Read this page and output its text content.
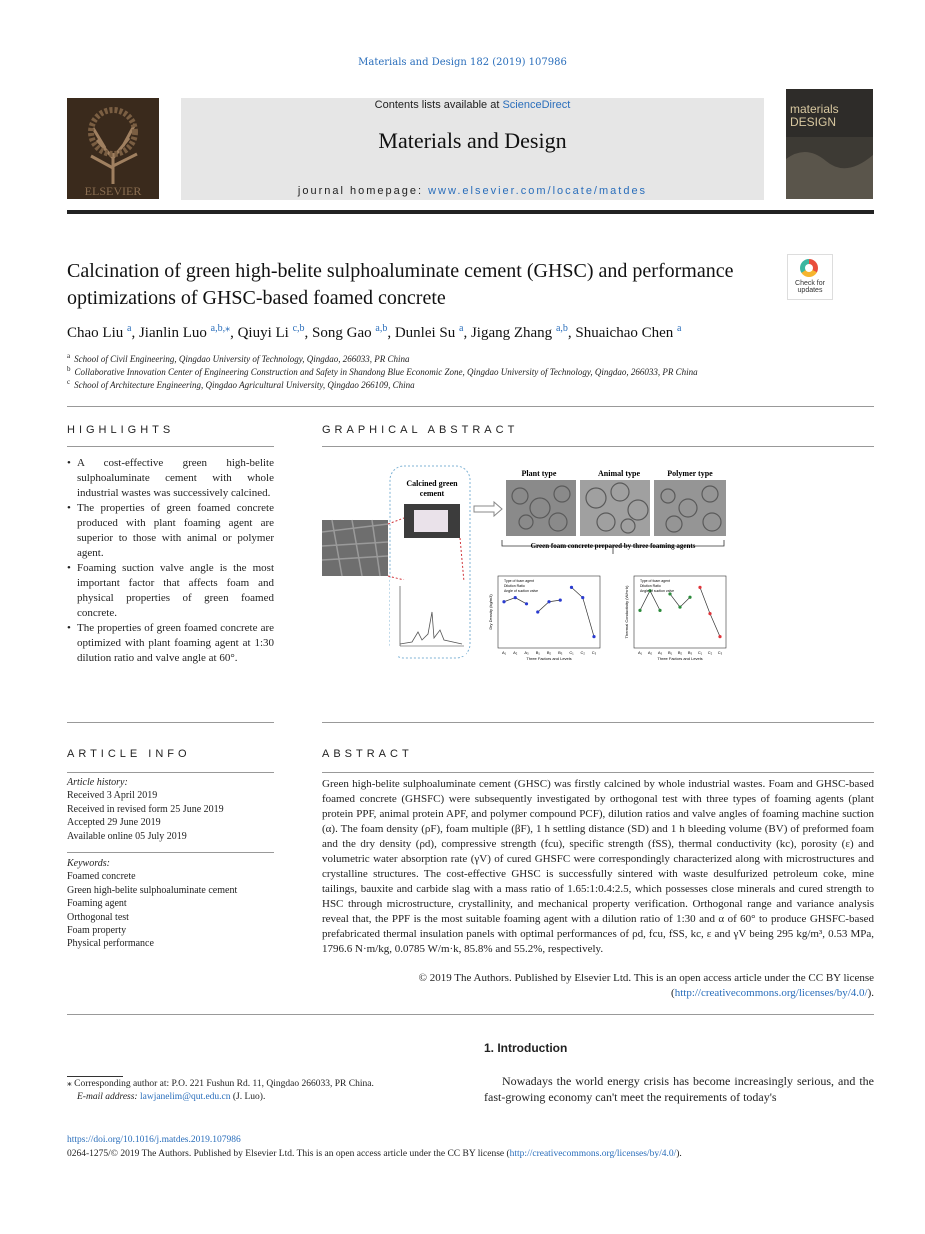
Materials and Design 182 (2019) 107986
ELSEVIER
Contents lists available at ScienceDirect
Materials and Design
journal homepage: www.elsevier.com/locate/matdes
materials DESIGN
Calcination of green high-belite sulphoaluminate cement (GHSC) and performance optimizations of GHSC-based foamed concrete
Check for updates
Chao Liu $^a$, Jianlin Luo $^{a,b,⁎}$, Qiuyi Li $^{c,b}$, Song Gao $^{a,b}$, Dunlei Su $^a$, Jigang Zhang $^{a,b}$, Shuaichao Chen $^a$
$^a$ School of Civil Engineering, Qingdao University of Technology, Qingdao, 266033, PR China
$^b$ Collaborative Innovation Center of Engineering Construction and Safety in Shandong Blue Economic Zone, Qingdao University of Technology, Qingdao, 266033, PR China
$^c$ School of Architecture Engineering, Qingdao Agricultural University, Qingdao 266109, China
HIGHLIGHTS
• A cost-effective green high-belite sulphoaluminate cement with whole industrial wastes was successively calcined.
• The properties of green foamed concrete produced with plant foaming agent are superior to those with animal or polymer agent.
• Foaming suction valve angle is the most important factor that affects foam and physical properties of green foamed concrete.
• The properties of green foamed concrete are optimized with plant foaming agent at 1:30 dilution ratio and valve angle at 60°.
GRAPHICAL ABSTRACT
Calcined green cement
Plant type	Animal type	Polymer type
Green foam concrete prepared by three foaming agents
A₁ A₂ A₃ B₁ B₂ B₃ C₁ C₂ C₃
Three Factors and Levels
Dry Density (kg/m3)
Type of foam agent
Dilution Ratio
Angle of suction valve
A₁ A₂ A₃ B₁ B₂ B₃ C₁ C₂ C₃
Three Factors and Levels
Thermal Conductivity (W/m·k)
Type of foam agent
Dilution Ratio
Angle of suction valve
ARTICLE INFO
Article history:
Received 3 April 2019
Received in revised form 25 June 2019
Accepted 29 June 2019
Available online 05 July 2019
Keywords:
Foamed concrete
Green high-belite sulphoaluminate cement
Foaming agent
Orthogonal test
Foam property
Physical performance
ABSTRACT
Green high-belite sulphoaluminate cement (GHSC) was firstly calcined by whole industrial wastes. Foam and GHSC-based foamed concrete (GHSFC) were subsequently investigated by orthogonal test with three types of foaming agents (plant protein PPF, animal protein APF, and polymer compound PCF), dilution ratios and valve angles of foaming machine suction (α). The foam density (ρF), foam multiple (βF), 1 h settling distance (SD) and 1 h bleeding volume (BV) of preformed foam and the dry density (ρd), compressive strength (fcu), specific strength (fSS), thermal conductivity (kc), porosity (ε) and volumetric water absorption rate (γV) of cured GHSFC were correspondingly characterized along with microstructures and crystalline structures. The cost-effective GHSC is successfully sintered with waste desulfurized petroleum coke, mine tailings, bauxite and carbide slag with a mass ratio of 1.65:1:0.4:2.5, which possesses close minerals and cured strength to HSC through microstructure, crystallinity, and mechanical property verification. Orthogonal range and variance analysis reveal that, the PPF is the most suitable foaming agent with a dilution ratio of 1:30 and α of 60° to produce GHSFC-based prefabricated thermal insulation panels with optimal performances of ρd, fcu, fSS, kc, ε and γV being 295 kg/m³, 0.53 MPa, 1796.6 N·m/kg, 0.0785 W/m·k, 85.8% and 55.2%, respectively.
© 2019 The Authors. Published by Elsevier Ltd. This is an open access article under the CC BY license (http://creativecommons.org/licenses/by/4.0/).
1. Introduction
Nowadays the world energy crisis has become increasingly serious, and the fast-growing economy can't meet the requirements of today's
⁎ Corresponding author at: P.O. 221 Fushun Rd. 11, Qingdao 266033, PR China.
E-mail address: lawjanelim@qut.edu.cn (J. Luo).
https://doi.org/10.1016/j.matdes.2019.107986
0264-1275/© 2019 The Authors. Published by Elsevier Ltd. This is an open access article under the CC BY license (http://creativecommons.org/licenses/by/4.0/).
